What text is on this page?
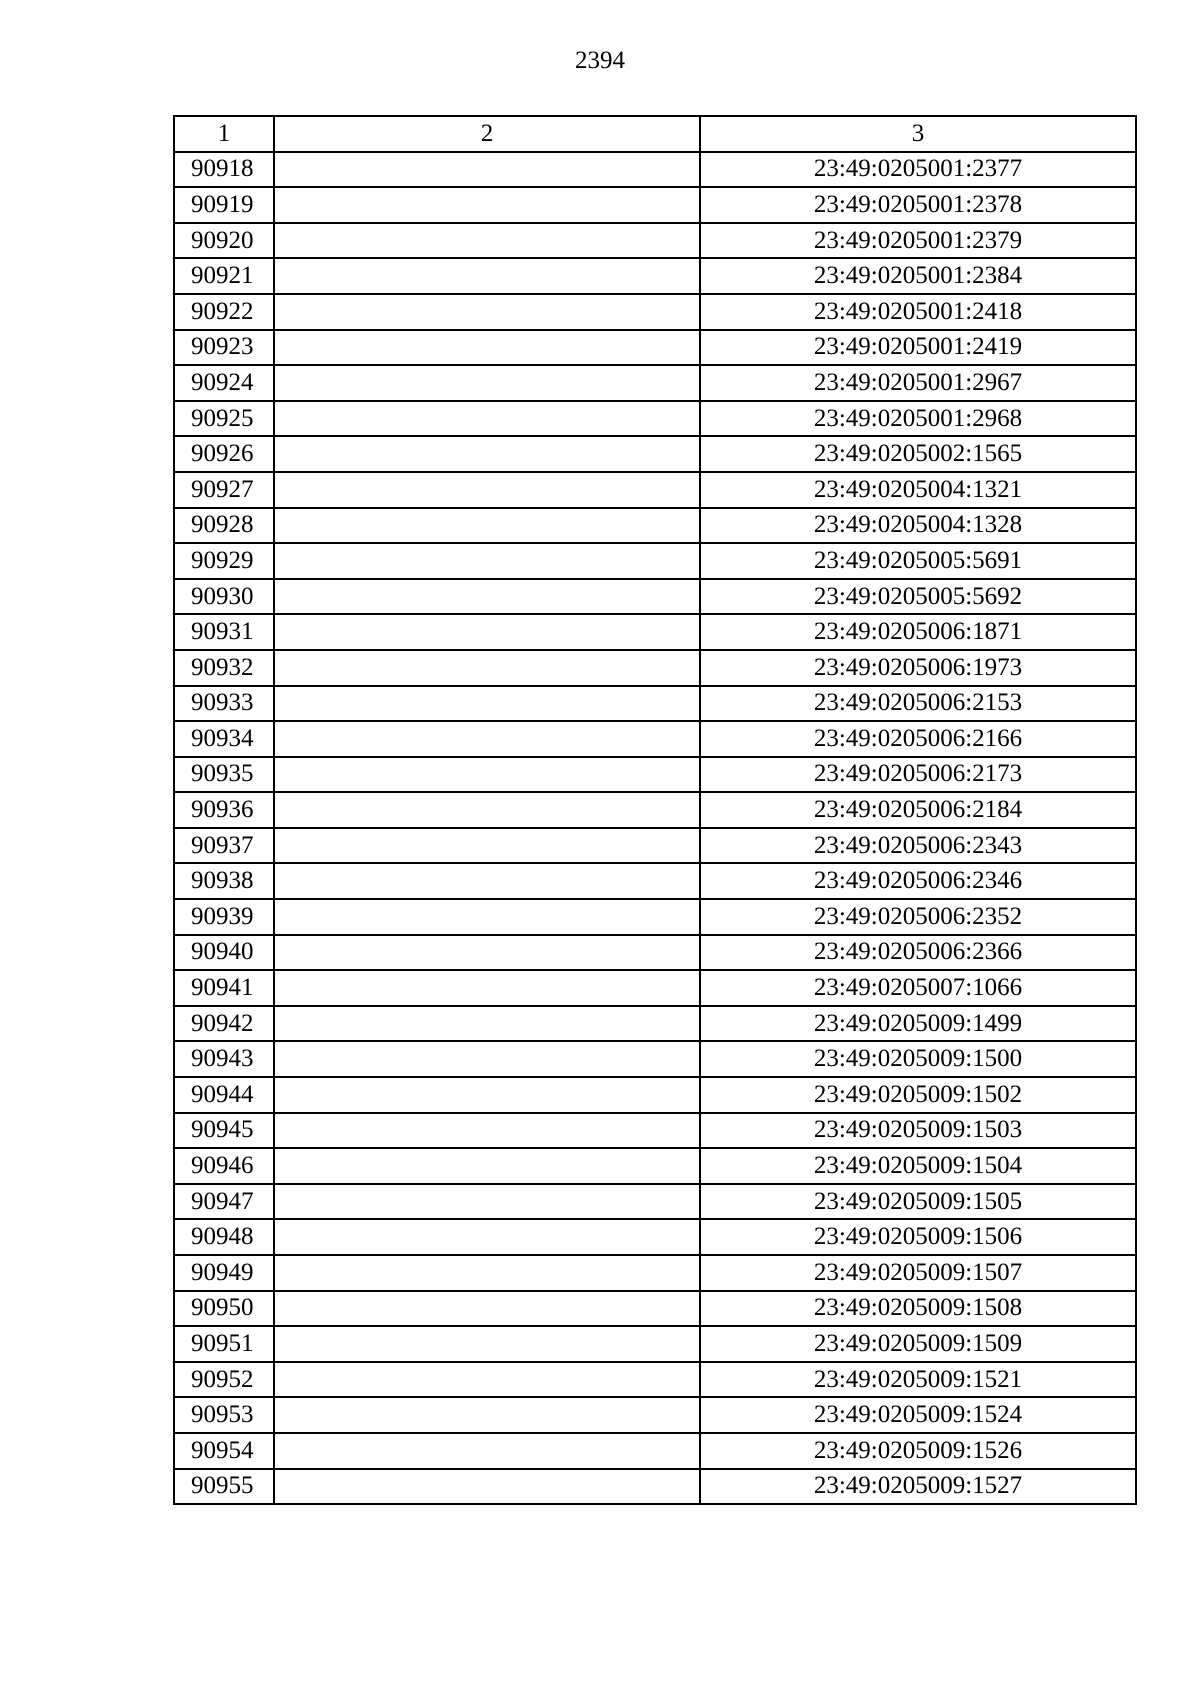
2394
1	2	3
90918		23:49:0205001:2377
90919		23:49:0205001:2378
90920		23:49:0205001:2379
90921		23:49:0205001:2384
90922		23:49:0205001:2418
90923		23:49:0205001:2419
90924		23:49:0205001:2967
90925		23:49:0205001:2968
90926		23:49:0205002:1565
90927		23:49:0205004:1321
90928		23:49:0205004:1328
90929		23:49:0205005:5691
90930		23:49:0205005:5692
90931		23:49:0205006:1871
90932		23:49:0205006:1973
90933		23:49:0205006:2153
90934		23:49:0205006:2166
90935		23:49:0205006:2173
90936		23:49:0205006:2184
90937		23:49:0205006:2343
90938		23:49:0205006:2346
90939		23:49:0205006:2352
90940		23:49:0205006:2366
90941		23:49:0205007:1066
90942		23:49:0205009:1499
90943		23:49:0205009:1500
90944		23:49:0205009:1502
90945		23:49:0205009:1503
90946		23:49:0205009:1504
90947		23:49:0205009:1505
90948		23:49:0205009:1506
90949		23:49:0205009:1507
90950		23:49:0205009:1508
90951		23:49:0205009:1509
90952		23:49:0205009:1521
90953		23:49:0205009:1524
90954		23:49:0205009:1526
90955		23:49:0205009:1527
